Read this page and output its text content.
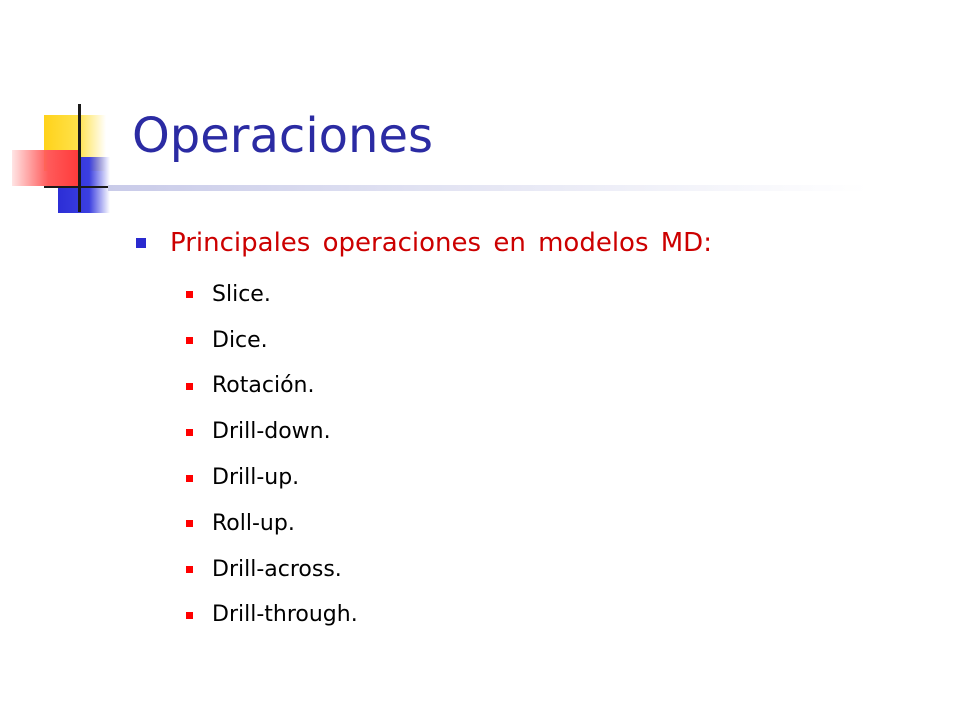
Operaciones
Principales operaciones en modelos MD:
Slice.
Dice.
Rotación.
Drill-down.
Drill-up.
Roll-up.
Drill-across.
Drill-through.
